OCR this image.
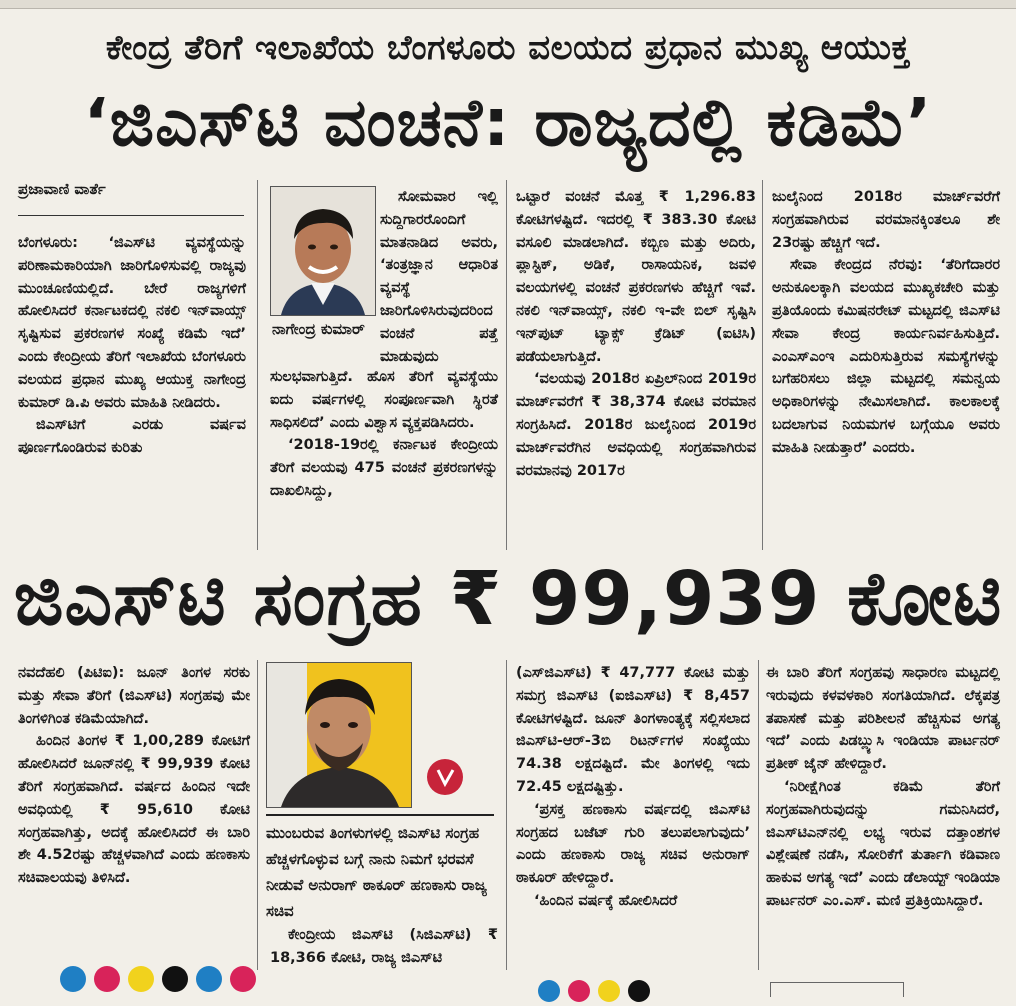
ಕೇಂದ್ರ ತೆರಿಗೆ ಇಲಾಖೆಯ ಬೆಂಗಳೂರು ವಲಯದ ಪ್ರಧಾನ ಮುಖ್ಯ ಆಯುಕ್ತ
‘ಜಿಎಸ್‌ಟಿ ವಂಚನೆ: ರಾಜ್ಯದಲ್ಲಿ ಕಡಿಮೆ’
ಪ್ರಜಾವಾಣಿ ವಾರ್ತೆ

ಬೆಂಗಳೂರು: ‘ಜಿಎಸ್‌ಟಿ ವ್ಯವಸ್ಥೆಯನ್ನು ಪರಿಣಾಮಕಾರಿಯಾಗಿ ಜಾರಿಗೊಳಿಸುವಲ್ಲಿ ರಾಜ್ಯವು ಮುಂಚೂಣಿಯಲ್ಲಿದೆ. ಬೇರೆ ರಾಜ್ಯಗಳಿಗೆ ಹೋಲಿಸಿದರೆ ಕರ್ನಾಟಕದಲ್ಲಿ ನಕಲಿ ಇನ್‌ವಾಯ್ಸ್ ಸೃಷ್ಟಿಸುವ ಪ್ರಕರಣಗಳ ಸಂಖ್ಯೆ ಕಡಿಮೆ ಇದೆ’ ಎಂದು ಕೇಂದ್ರೀಯ ತೆರಿಗೆ ಇಲಾಖೆಯ ಬೆಂಗಳೂರು ವಲಯದ ಪ್ರಧಾನ ಮುಖ್ಯ ಆಯುಕ್ತ ನಾಗೇಂದ್ರ ಕುಮಾರ್ ಡಿ.ಪಿ ಅವರು ಮಾಹಿತಿ ನೀಡಿದರು.

ಜಿಎಸ್‌ಟಿಗೆ ಎರಡು ವರ್ಷವ ಪೂರ್ಣಗೊಂಡಿರುವ ಕುರಿತು

ನಾಗೇಂದ್ರ ಕುಮಾರ್

ಸೋಮವಾರ ಇಲ್ಲಿ ಸುದ್ದಿಗಾರರೊಂದಿಗೆ ಮಾತನಾಡಿದ ಅವರು, ‘ತಂತ್ರಜ್ಞಾನ ಆಧಾರಿತ ವ್ಯವಸ್ಥೆ ಜಾರಿಗೊಳಿಸಿರುವುದರಿಂದ ವಂಚನೆ ಪತ್ತೆ ಮಾಡುವುದು

ಸುಲಭವಾಗುತ್ತಿದೆ. ಹೊಸ ತೆರಿಗೆ ವ್ಯವಸ್ಥೆಯು ಐದು ವರ್ಷಗಳಲ್ಲಿ ಸಂಪೂರ್ಣವಾಗಿ ಸ್ಥಿರತೆ ಸಾಧಿಸಲಿದೆ’ ಎಂದು ವಿಶ್ವಾಸ ವ್ಯಕ್ತಪಡಿಸಿದರು.

‘2018-19ರಲ್ಲಿ ಕರ್ನಾಟಕ ಕೇಂದ್ರೀಯ ತೆರಿಗೆ ವಲಯವು 475 ವಂಚನೆ ಪ್ರಕರಣಗಳನ್ನು ದಾಖಲಿಸಿದ್ದು,

ಒಟ್ಟಾರೆ ವಂಚನೆ ಮೊತ್ತ ₹ 1,296.83 ಕೋಟಿಗಳಷ್ಟಿದೆ. ಇದರಲ್ಲಿ ₹ 383.30 ಕೋಟಿ ವಸೂಲಿ ಮಾಡಲಾಗಿದೆ. ಕಬ್ಬಿಣ ಮತ್ತು ಅದಿರು, ಪ್ಲಾಸ್ಟಿಕ್, ಅಡಿಕೆ, ರಾಸಾಯನಿಕ, ಜವಳಿ ವಲಯಗಳಲ್ಲಿ ವಂಚನೆ ಪ್ರಕರಣಗಳು ಹೆಚ್ಚಿಗೆ ಇವೆ. ನಕಲಿ ಇನ್‌ವಾಯ್ಸ್, ನಕಲಿ ಇ-ವೇ ಬಿಲ್ ಸೃಷ್ಟಿಸಿ ಇನ್‌ಪುಟ್ ಟ್ಯಾಕ್ಸ್ ಕ್ರೆಡಿಟ್ (ಐಟಿಸಿ) ಪಡೆಯಲಾಗುತ್ತಿದೆ.

‘ವಲಯವು 2018ರ ಏಪ್ರಿಲ್‌ನಿಂದ 2019ರ ಮಾರ್ಚ್‌ವರೆಗೆ ₹ 38,374 ಕೋಟಿ ವರಮಾನ ಸಂಗ್ರಹಿಸಿದೆ. 2018ರ ಜುಲೈನಿಂದ 2019ರ ಮಾರ್ಚ್‌ವರೆಗಿನ ಅವಧಿಯಲ್ಲಿ ಸಂಗ್ರಹವಾಗಿರುವ ವರಮಾನವು 2017ರ

ಜುಲೈನಿಂದ 2018ರ ಮಾರ್ಚ್‌ವರೆಗೆ ಸಂಗ್ರಹವಾಗಿರುವ ವರಮಾನಕ್ಕಿಂತಲೂ ಶೇ 23ರಷ್ಟು ಹೆಚ್ಚಿಗೆ ಇದೆ.

ಸೇವಾ ಕೇಂದ್ರದ ನೆರವು: ‘ತೆರಿಗೆದಾರರ ಅನುಕೂಲಕ್ಕಾಗಿ ವಲಯದ ಮುಖ್ಯಕಚೇರಿ ಮತ್ತು ಪ್ರತಿಯೊಂದು ಕಮಿಷನರೇಟ್ ಮಟ್ಟದಲ್ಲಿ ಜಿಎಸ್‌ಟಿ ಸೇವಾ ಕೇಂದ್ರ ಕಾರ್ಯನಿರ್ವಹಿಸುತ್ತಿದೆ. ಎಂಎಸ್‌ಎಂಇ ಎದುರಿಸುತ್ತಿರುವ ಸಮಸ್ಯೆಗಳನ್ನು ಬಗೆಹರಿಸಲು ಜಿಲ್ಲಾ ಮಟ್ಟದಲ್ಲಿ ಸಮನ್ವಯ ಅಧಿಕಾರಿಗಳನ್ನು ನೇಮಿಸಲಾಗಿದೆ. ಕಾಲಕಾಲಕ್ಕೆ ಬದಲಾಗುವ ನಿಯಮಗಳ ಬಗ್ಗೆಯೂ ಅವರು ಮಾಹಿತಿ ನೀಡುತ್ತಾರೆ’ ಎಂದರು.

ಜಿಎಸ್‌ಟಿ ಸಂಗ್ರಹ ₹ 99,939 ಕೋಟಿ

ನವದೆಹಲಿ (ಪಿಟಿಐ): ಜೂನ್ ತಿಂಗಳ ಸರಕು ಮತ್ತು ಸೇವಾ ತೆರಿಗೆ (ಜಿಎಸ್‌ಟಿ) ಸಂಗ್ರಹವು ಮೇ ತಿಂಗಳಿಗಿಂತ ಕಡಿಮೆಯಾಗಿದೆ.

ಹಿಂದಿನ ತಿಂಗಳ ₹ 1,00,289 ಕೋಟಿಗೆ ಹೋಲಿಸಿದರೆ ಜೂನ್‌ನಲ್ಲಿ ₹ 99,939 ಕೋಟಿ ತೆರಿಗೆ ಸಂಗ್ರಹವಾಗಿದೆ. ವರ್ಷದ ಹಿಂದಿನ ಇದೇ ಅವಧಿಯಲ್ಲಿ ₹ 95,610 ಕೋಟಿ ಸಂಗ್ರಹವಾಗಿತ್ತು, ಅದಕ್ಕೆ ಹೋಲಿಸಿದರೆ ಈ ಬಾರಿ ಶೇ 4.52ರಷ್ಟು ಹೆಚ್ಚಳವಾಗಿದೆ ಎಂದು ಹಣಕಾಸು ಸಚಿವಾಲಯವು ತಿಳಿಸಿದೆ.

ಮುಂಬರುವ ತಿಂಗಳುಗಳಲ್ಲಿ ಜಿಎಸ್‌ಟಿ ಸಂಗ್ರಹ ಹೆಚ್ಚಳಗೊಳ್ಳುವ ಬಗ್ಗೆ ನಾನು ನಿಮಗೆ ಭರವಸೆ ನೀಡುವೆ ಅನುರಾಗ್ ಠಾಕೂರ್ ಹಣಕಾಸು ರಾಜ್ಯ ಸಚಿವ

ಕೇಂದ್ರೀಯ ಜಿಎಸ್‌ಟಿ (ಸಿಜಿಎಸ್‌ಟಿ) ₹ 18,366 ಕೋಟಿ, ರಾಜ್ಯ ಜಿಎಸ್‌ಟಿ

(ಎಸ್‌ಜಿಎಸ್‌ಟಿ) ₹ 47,777 ಕೋಟಿ ಮತ್ತು ಸಮಗ್ರ ಜಿಎಸ್‌ಟಿ (ಐಜಿಎಸ್‌ಟಿ) ₹ 8,457 ಕೋಟಿಗಳಷ್ಟಿದೆ. ಜೂನ್ ತಿಂಗಳಾಂತ್ಯಕ್ಕೆ ಸಲ್ಲಿಸಲಾದ ಜಿಎಸ್‌ಟಿ-ಆರ್-3ಬಿ ರಿಟರ್ನ್‌ಗಳ ಸಂಖ್ಯೆಯು 74.38 ಲಕ್ಷದಷ್ಟಿದೆ. ಮೇ ತಿಂಗಳಲ್ಲಿ ಇದು 72.45 ಲಕ್ಷದಷ್ಟಿತ್ತು.

‘ಪ್ರಸಕ್ತ ಹಣಕಾಸು ವರ್ಷದಲ್ಲಿ ಜಿಎಸ್‌ಟಿ ಸಂಗ್ರಹದ ಬಜೆಟ್ ಗುರಿ ತಲುಪಲಾಗುವುದು’ ಎಂದು ಹಣಕಾಸು ರಾಜ್ಯ ಸಚಿವ ಅನುರಾಗ್ ಠಾಕೂರ್ ಹೇಳಿದ್ದಾರೆ.

‘ಹಿಂದಿನ ವರ್ಷಕ್ಕೆ ಹೋಲಿಸಿದರೆ

ಈ ಬಾರಿ ತೆರಿಗೆ ಸಂಗ್ರಹವು ಸಾಧಾರಣ ಮಟ್ಟದಲ್ಲಿ ಇರುವುದು ಕಳವಳಕಾರಿ ಸಂಗತಿಯಾಗಿದೆ. ಲೆಕ್ಕಪತ್ರ ತಪಾಸಣೆ ಮತ್ತು ಪರಿಶೀಲನೆ ಹೆಚ್ಚಿಸುವ ಅಗತ್ಯ ಇದೆ’ ಎಂದು ಪಿಡಬ್ಲ್ಯುಸಿ ಇಂಡಿಯಾ ಪಾರ್ಟನರ್ ಪ್ರತೀಕ್ ಜೈನ್ ಹೇಳಿದ್ದಾರೆ.

‘ನಿರೀಕ್ಷೆಗಿಂತ ಕಡಿಮೆ ತೆರಿಗೆ ಸಂಗ್ರಹವಾಗಿರುವುದನ್ನು ಗಮನಿಸಿದರೆ, ಜಿಎಸ್‌ಟಿಎನ್‌ನಲ್ಲಿ ಲಭ್ಯ ಇರುವ ದತ್ತಾಂಶಗಳ ವಿಶ್ಲೇಷಣೆ ನಡೆಸಿ, ಸೋರಿಕೆಗೆ ತುರ್ತಾಗಿ ಕಡಿವಾಣ ಹಾಕುವ ಅಗತ್ಯ ಇದೆ’ ಎಂದು ಡೆಲಾಯ್ಟ್ ಇಂಡಿಯಾ ಪಾರ್ಟನರ್ ಎಂ.ಎಸ್. ಮಣಿ ಪ್ರತಿಕ್ರಿಯಿಸಿದ್ದಾರೆ.
